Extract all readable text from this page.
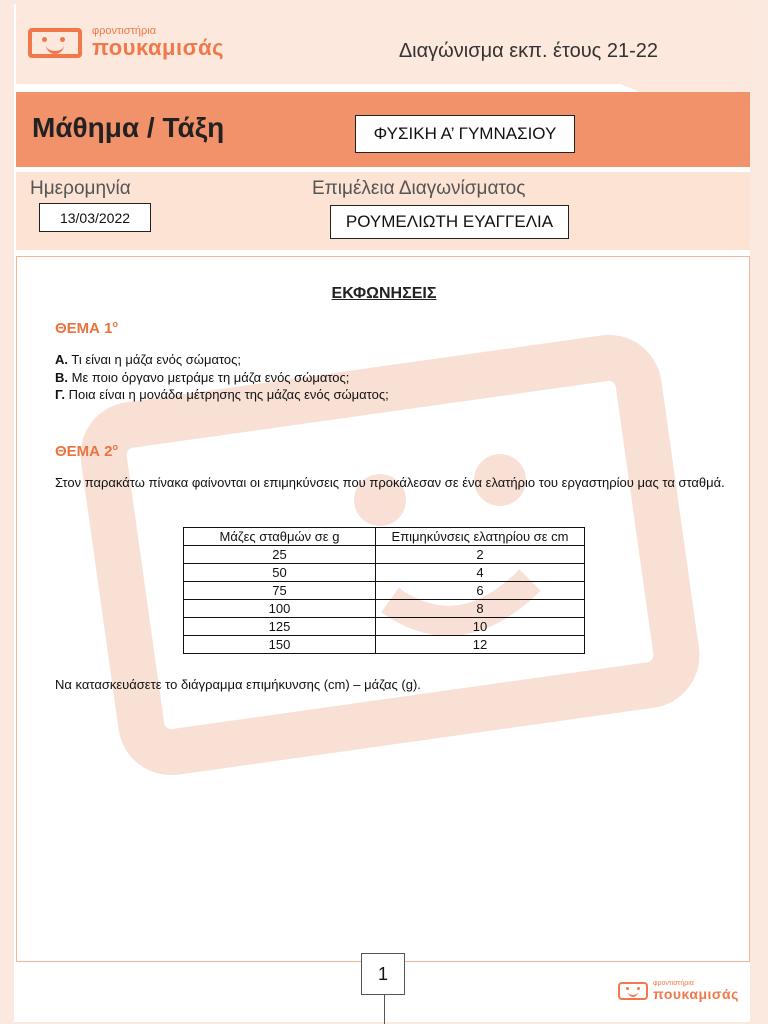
φροντιστήρια
πουκαμισάς	Διαγώνισμα εκπ. έτους 21-22
Μάθημα / Τάξη	ΦΥΣΙΚΗ Α’ ΓΥΜΝΑΣΙΟΥ
Ημερομηνία
13/03/2022
Επιμέλεια Διαγωνίσματος
ΡΟΥΜΕΛΙΩΤΗ ΕΥΑΓΓΕΛΙΑ
ΕΚΦΩΝΗΣΕΙΣ
ΘΕΜΑ $1^o$
Α. Τι είναι η μάζα ενός σώματος;
Β. Με ποιο όργανο μετράμε τη μάζα ενός σώματος;
Γ. Ποια είναι η μονάδα μέτρησης της μάζας ενός σώματος;
ΘΕΜΑ $2^o$
Στον παρακάτω πίνακα φαίνονται οι επιμηκύνσεις που προκάλεσαν σε ένα ελατήριο του εργαστηρίου μας τα σταθμά.
Μάζες σταθμών σε g	Επιμηκύνσεις ελατηρίου σε cm
25	2
50	4
75	6
100	8
125	10
150	12
Να κατασκευάσετε το διάγραμμα επιμήκυνσης (cm) – μάζας (g).
1	φροντιστήρια
πουκαμισάς
